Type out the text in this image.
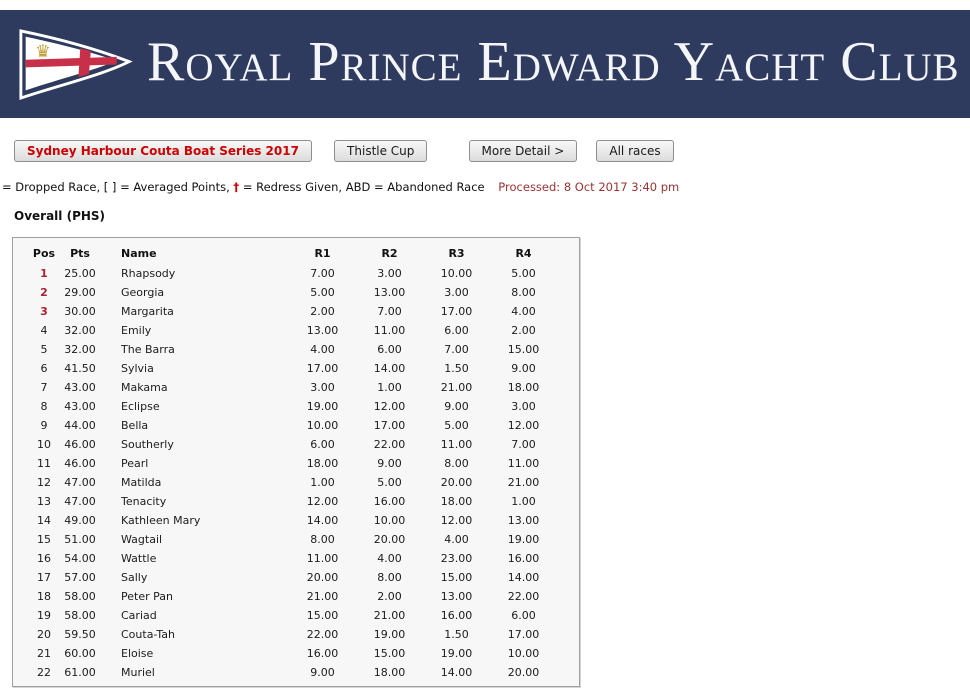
♛ Royal Prince Edward Yacht Club
Sydney Harbour Couta Boat Series 2017	Thistle Cup	More Detail >	All races
= Dropped Race, [ ] = Averaged Points, † = Redress Given, ABD = Abandoned Race Processed: 8 Oct 2017 3:40 pm
Overall (PHS)
Pos	Pts	Name	R1	R2	R3	R4
1	25.00	Rhapsody	7.00	3.00	10.00	5.00
2	29.00	Georgia	5.00	13.00	3.00	8.00
3	30.00	Margarita	2.00	7.00	17.00	4.00
4	32.00	Emily	13.00	11.00	6.00	2.00
5	32.00	The Barra	4.00	6.00	7.00	15.00
6	41.50	Sylvia	17.00	14.00	1.50	9.00
7	43.00	Makama	3.00	1.00	21.00	18.00
8	43.00	Eclipse	19.00	12.00	9.00	3.00
9	44.00	Bella	10.00	17.00	5.00	12.00
10	46.00	Southerly	6.00	22.00	11.00	7.00
11	46.00	Pearl	18.00	9.00	8.00	11.00
12	47.00	Matilda	1.00	5.00	20.00	21.00
13	47.00	Tenacity	12.00	16.00	18.00	1.00
14	49.00	Kathleen Mary	14.00	10.00	12.00	13.00
15	51.00	Wagtail	8.00	20.00	4.00	19.00
16	54.00	Wattle	11.00	4.00	23.00	16.00
17	57.00	Sally	20.00	8.00	15.00	14.00
18	58.00	Peter Pan	21.00	2.00	13.00	22.00
19	58.00	Cariad	15.00	21.00	16.00	6.00
20	59.50	Couta-Tah	22.00	19.00	1.50	17.00
21	60.00	Eloise	16.00	15.00	19.00	10.00
22	61.00	Muriel	9.00	18.00	14.00	20.00
